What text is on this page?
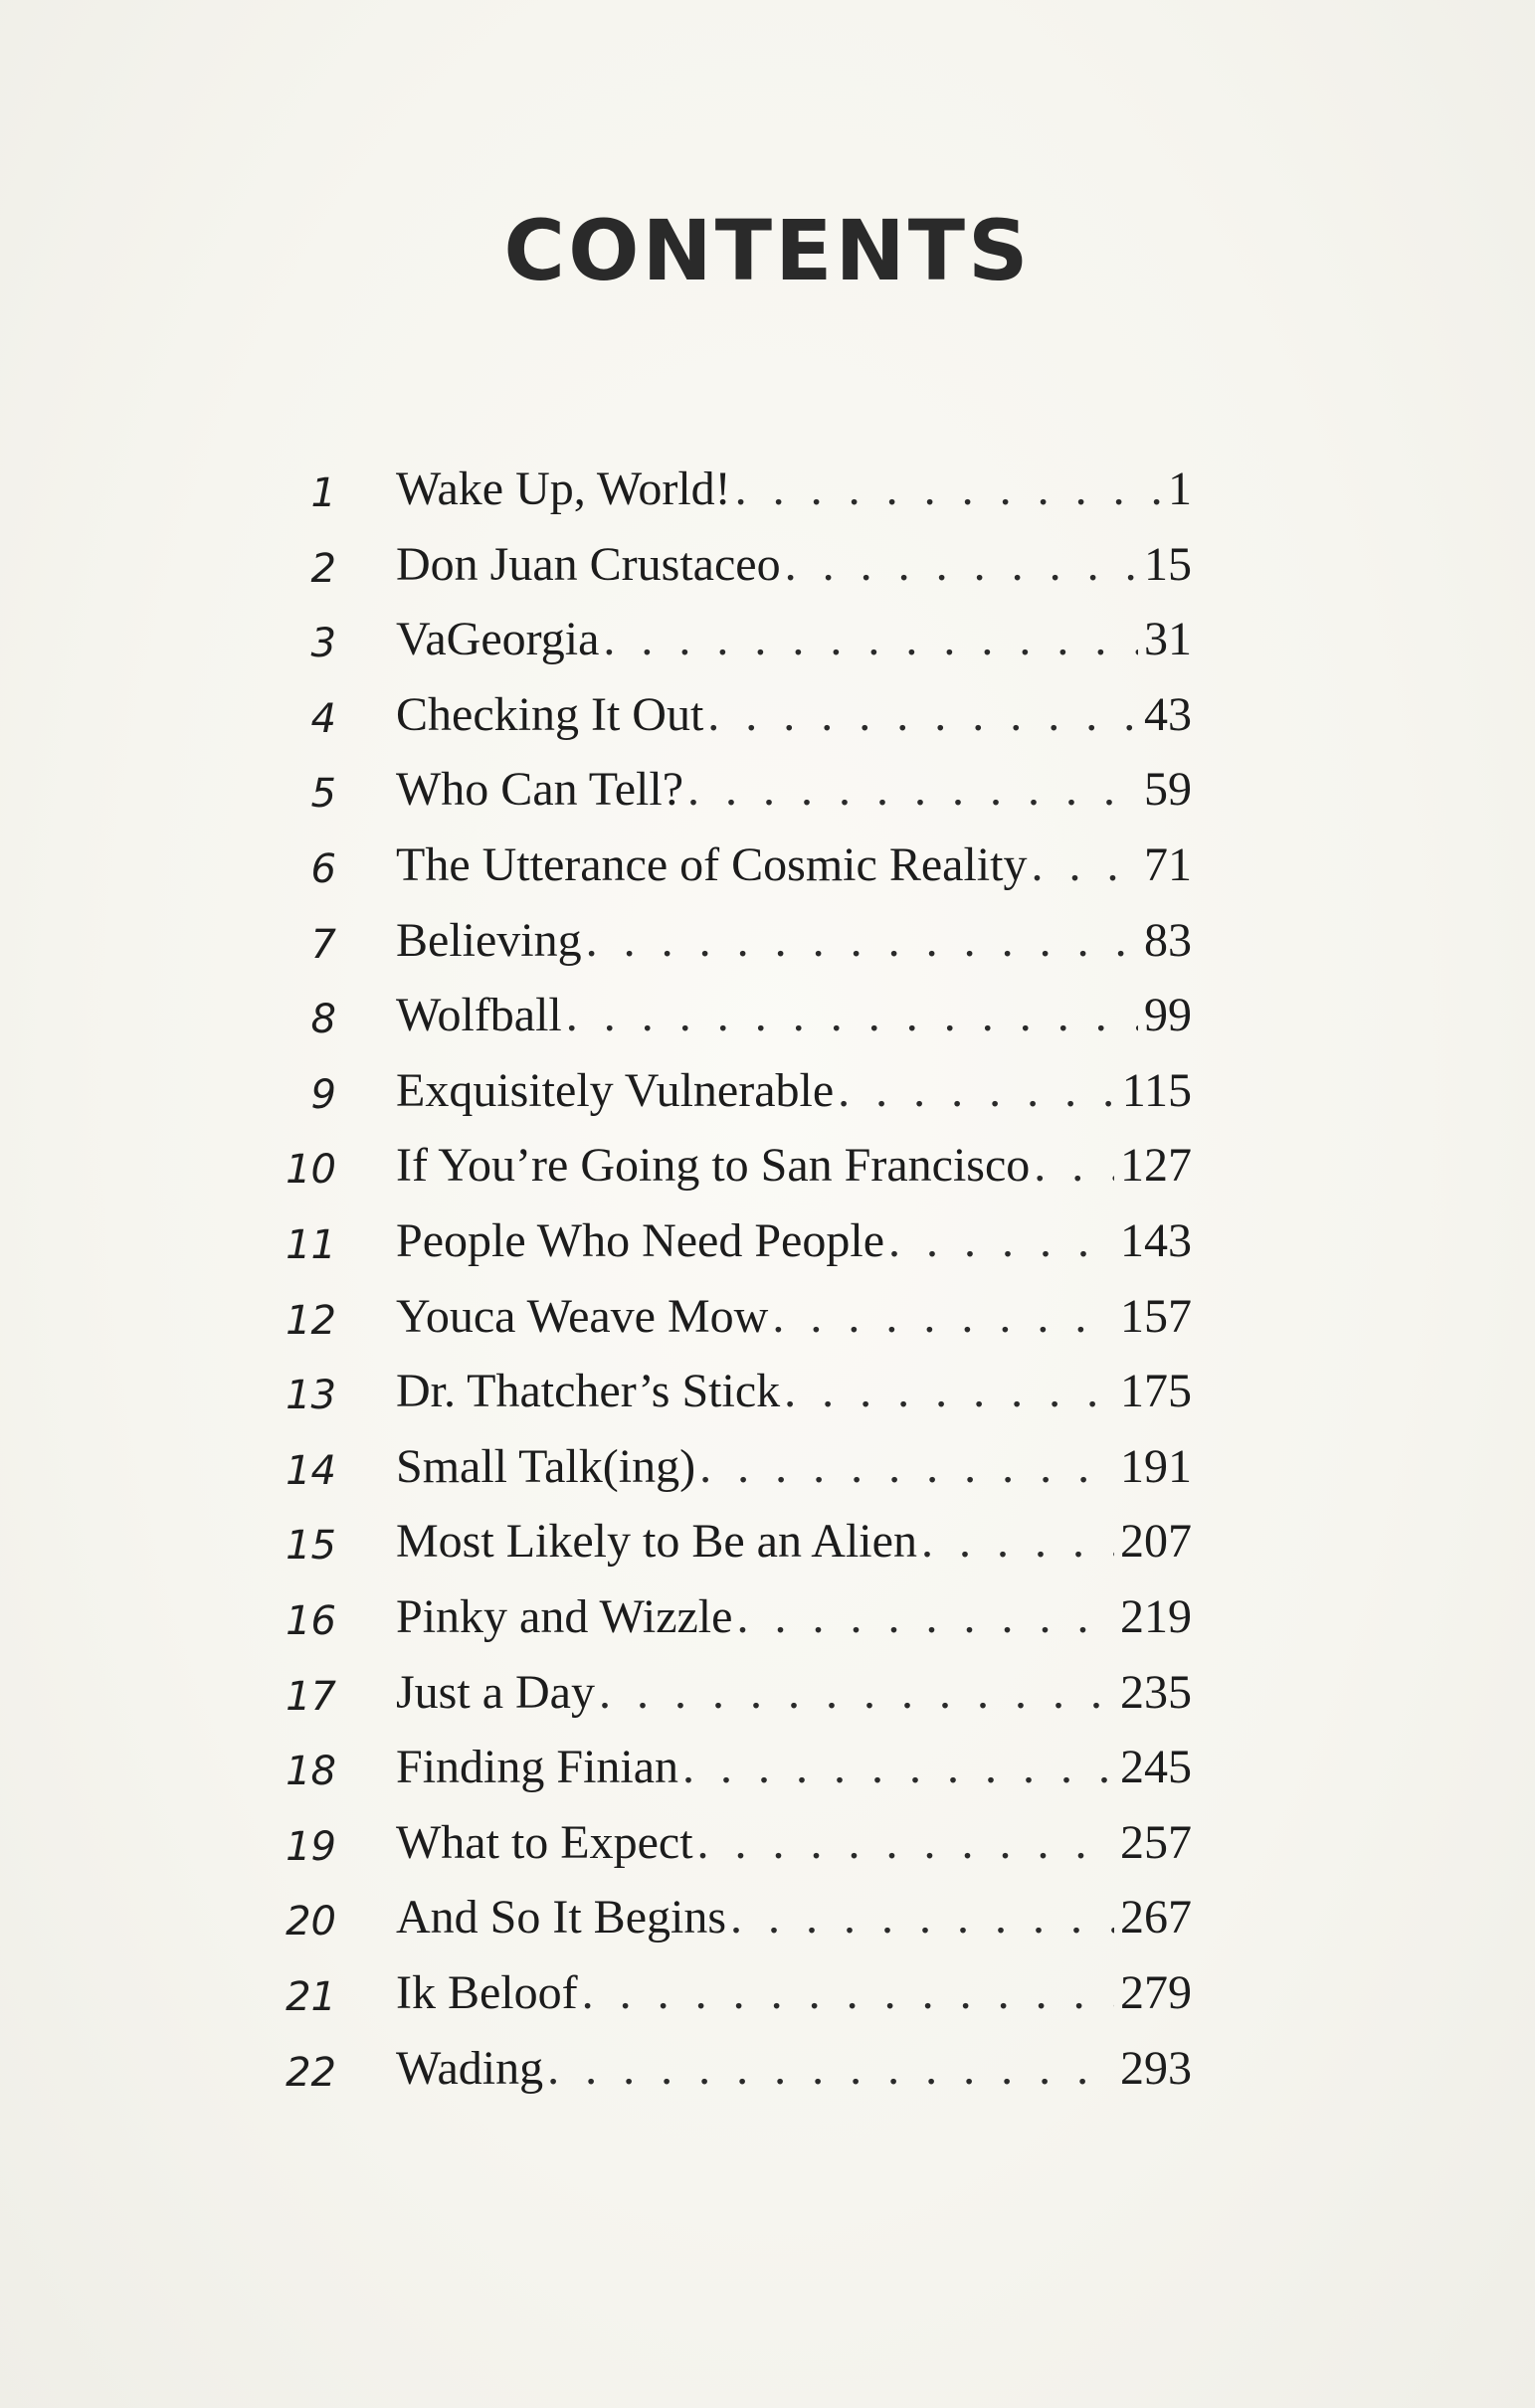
CONTENTS
1 Wake Up, World! . . .	1
2 Don Juan Crustaceo . . .	15
3 VaGeorgia . . .	31
4 Checking It Out . . .	43
5 Who Can Tell? . . .	59
6 The Utterance of Cosmic Reality . . . 71
7 Believing . . .	83
8 Wolfball . . .	99
9 Exquisitely Vulnerable . . .	115
10 If You’re Going to San Francisco . . . 127
11 People Who Need People . . .	143
12 Youca Weave Mow . . .	157
13 Dr. Thatcher’s Stick . . .	175
14 Small Talk(ing) . . .	191
15 Most Likely to Be an Alien . . .	207
16 Pinky and Wizzle . . .	219
17 Just a Day . . .	235
18 Finding Finian . . .	245
19 What to Expect . . .	257
20 And So It Begins . . .	267
21 Ik Beloof . . .	279
22 Wading . . .	293
